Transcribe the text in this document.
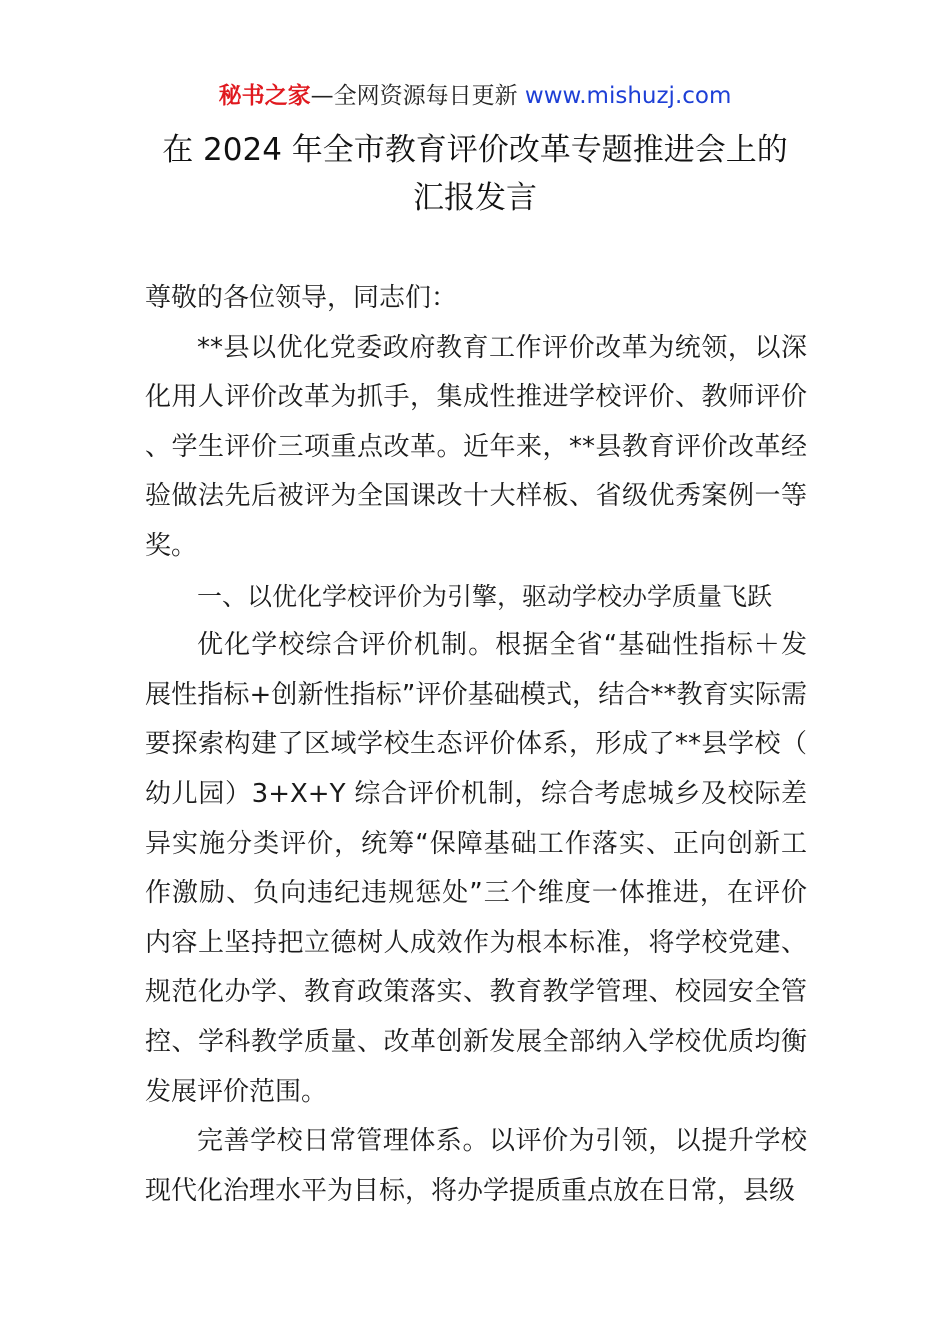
秘书之家—全网资源每日更新 www.mishuzj.com
在 2024 年全市教育评价改革专题推进会上的
汇报发言

尊敬的各位领导，同志们：

**县以优化党委政府教育工作评价改革为统领，以深化用人评价改革为抓手，集成性推进学校评价、教师评价、学生评价三项重点改革。近年来，**县教育评价改革经验做法先后被评为全国课改十大样板、省级优秀案例一等奖。

一、以优化学校评价为引擎，驱动学校办学质量飞跃

优化学校综合评价机制。根据全省“基础性指标＋发展性指标+创新性指标”评价基础模式，结合**教育实际需要探索构建了区域学校生态评价体系，形成了**县学校（幼儿园）3+X+Y 综合评价机制，综合考虑城乡及校际差异实施分类评价，统筹“保障基础工作落实、正向创新工作激励、负向违纪违规惩处”三个维度一体推进，在评价内容上坚持把立德树人成效作为根本标准，将学校党建、规范化办学、教育政策落实、教育教学管理、校园安全管控、学科教学质量、改革创新发展全部纳入学校优质均衡发展评价范围。

完善学校日常管理体系。以评价为引领，以提升学校现代化治理水平为目标，将办学提质重点放在日常，县级
